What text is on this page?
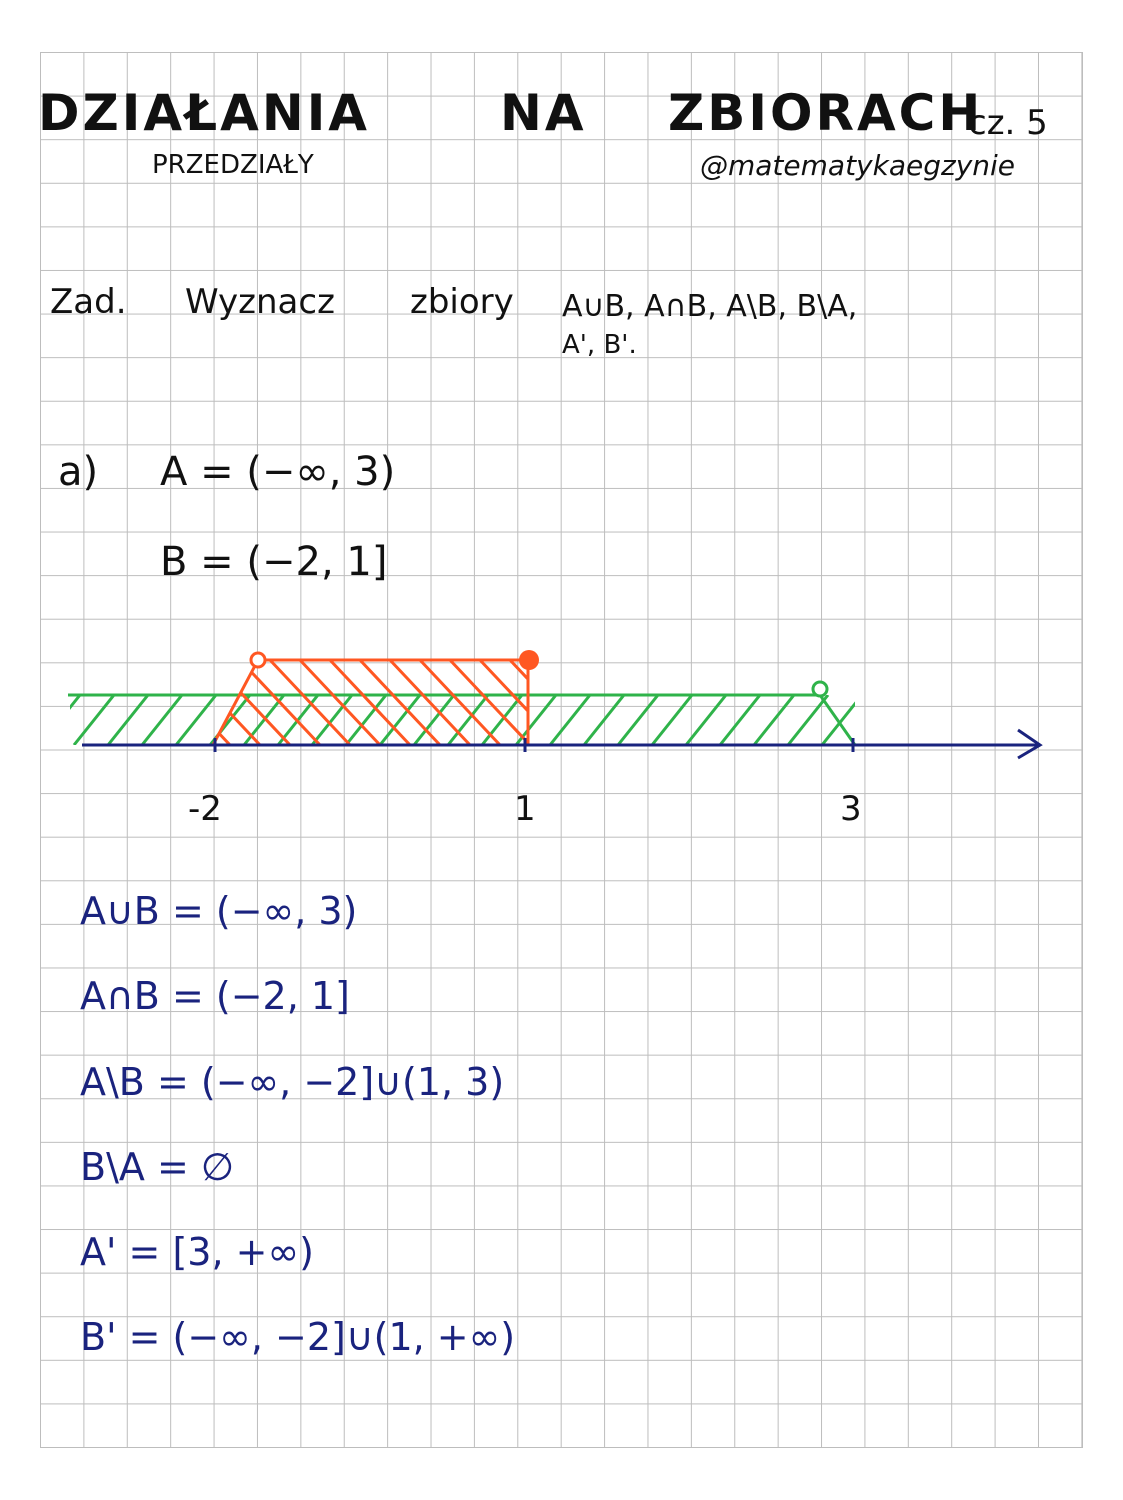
DZIAŁANIA	NA ZBIORACH
cz. 5
PRZEDZIAŁY	@matematykaegzynie
Zad. Wyznacz zbiory A∪B, A∩B, A\B, B\A,
A', B'.
a) A = (−∞, 3)
B = (−2, 1]
-2	1	3
A∪B = (−∞, 3)
A∩B = (−2, 1]
A\B = (−∞, −2]∪(1, 3)
B\A = ∅
A' = [3, +∞)
B' = (−∞, −2]∪(1, +∞)
